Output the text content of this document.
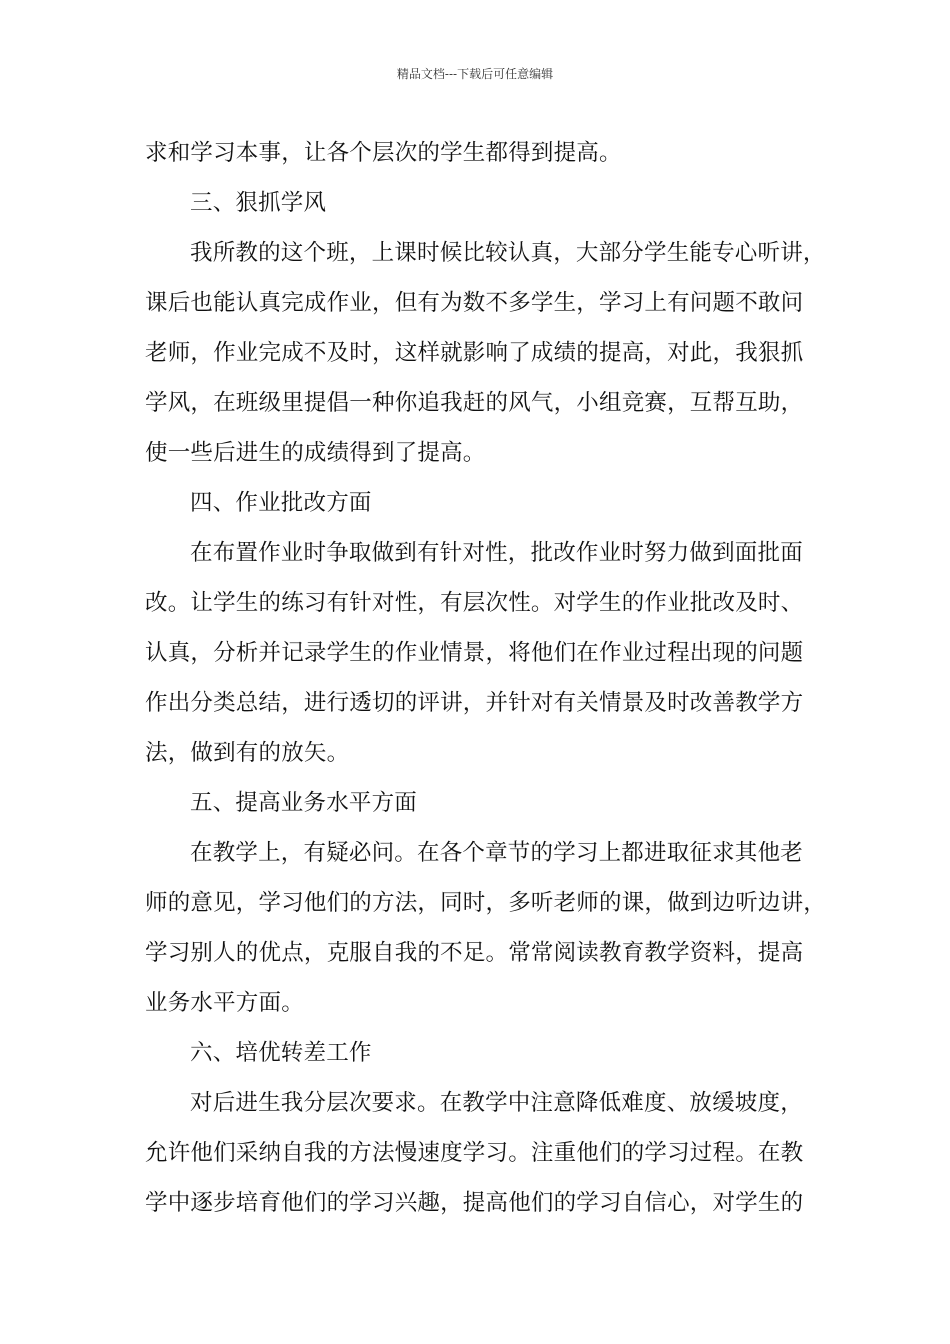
精品文档---下载后可任意编辑
求和学习本事，让各个层次的学生都得到提高。
三、狠抓学风
我所教的这个班，上课时候比较认真，大部分学生能专心听讲，
课后也能认真完成作业，但有为数不多学生，学习上有问题不敢问
老师，作业完成不及时，这样就影响了成绩的提高，对此，我狠抓
学风，在班级里提倡一种你追我赶的风气，小组竞赛，互帮互助，
使一些后进生的成绩得到了提高。
四、作业批改方面
在布置作业时争取做到有针对性，批改作业时努力做到面批面
改。让学生的练习有针对性，有层次性。对学生的作业批改及时、
认真，分析并记录学生的作业情景，将他们在作业过程出现的问题
作出分类总结，进行透切的评讲，并针对有关情景及时改善教学方
法，做到有的放矢。
五、提高业务水平方面
在教学上，有疑必问。在各个章节的学习上都进取征求其他老
师的意见，学习他们的方法，同时，多听老师的课，做到边听边讲，
学习别人的优点，克服自我的不足。常常阅读教育教学资料，提高
业务水平方面。
六、培优转差工作
对后进生我分层次要求。在教学中注意降低难度、放缓坡度，
允许他们采纳自我的方法慢速度学习。注重他们的学习过程。在教
学中逐步培育他们的学习兴趣，提高他们的学习自信心，对学生的
